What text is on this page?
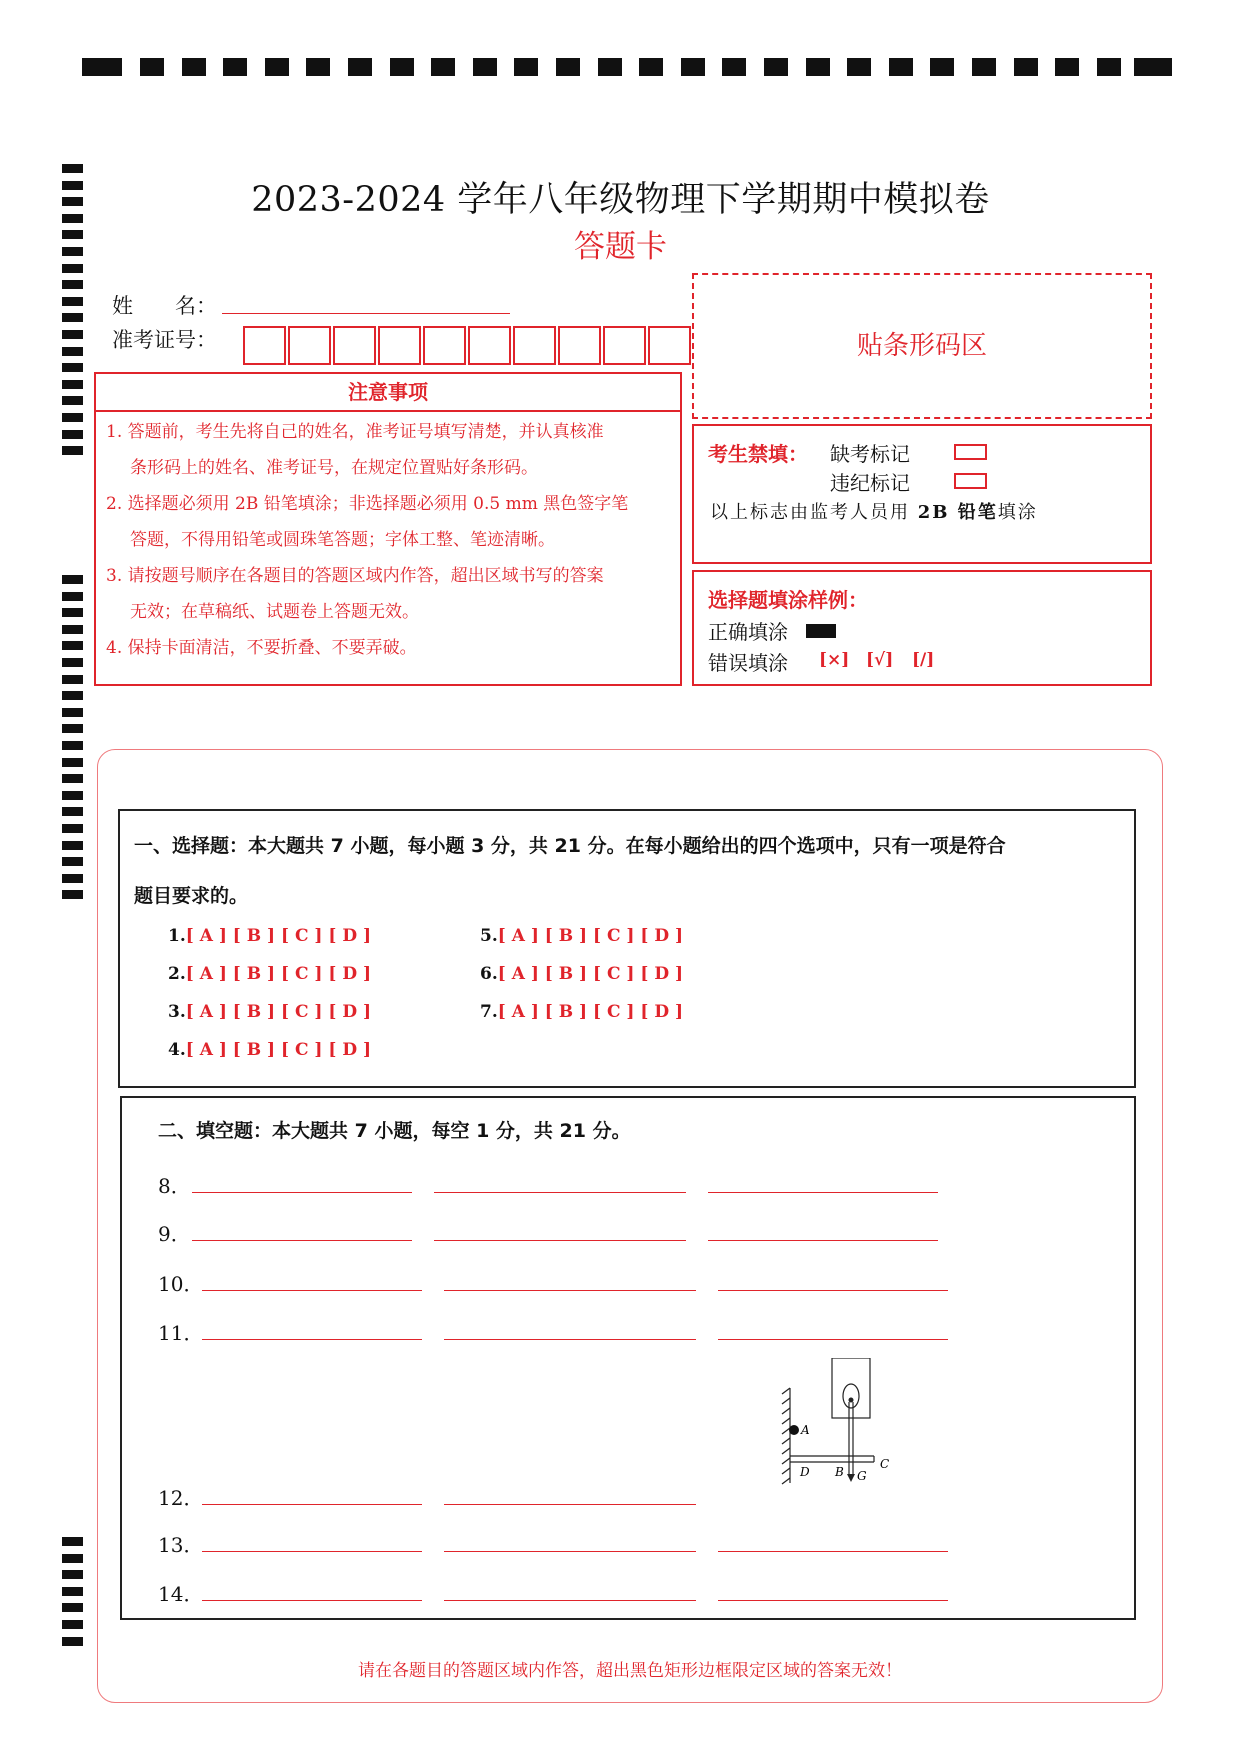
2023-2024 学年八年级物理下学期期中模拟卷
答题卡
姓　　名：
准考证号：
注意事项
1. 答题前，考生先将自己的姓名，准考证号填写清楚，并认真核准
条形码上的姓名、准考证号，在规定位置贴好条形码。
2. 选择题必须用 2B 铅笔填涂；非选择题必须用 0.5 mm 黑色签字笔
答题，不得用铅笔或圆珠笔答题；字体工整、笔迹清晰。
3. 请按题号顺序在各题目的答题区域内作答，超出区域书写的答案
无效；在草稿纸、试题卷上答题无效。
4. 保持卡面清洁，不要折叠、不要弄破。
贴条形码区
考生禁填： 缺考标记
违纪标记
以上标志由监考人员用 2B 铅笔填涂
选择题填涂样例：
正确填涂
错误填涂 [×] [√] [/]
一、选择题：本大题共 7 小题，每小题 3 分，共 21 分。在每小题给出的四个选项中，只有一项是符合
题目要求的。
1.[ A ] [ B ] [ C ] [ D ]
2.[ A ] [ B ] [ C ] [ D ]
3.[ A ] [ B ] [ C ] [ D ]
4.[ A ] [ B ] [ C ] [ D ]
5.[ A ] [ B ] [ C ] [ D ]
6.[ A ] [ B ] [ C ] [ D ]
7.[ A ] [ B ] [ C ] [ D ]
二、填空题：本大题共 7 小题，每空 1 分，共 21 分。
8．
9．
10．
11．
A
D B G
C
12．
13．
14．
请在各题目的答题区域内作答，超出黑色矩形边框限定区域的答案无效！
